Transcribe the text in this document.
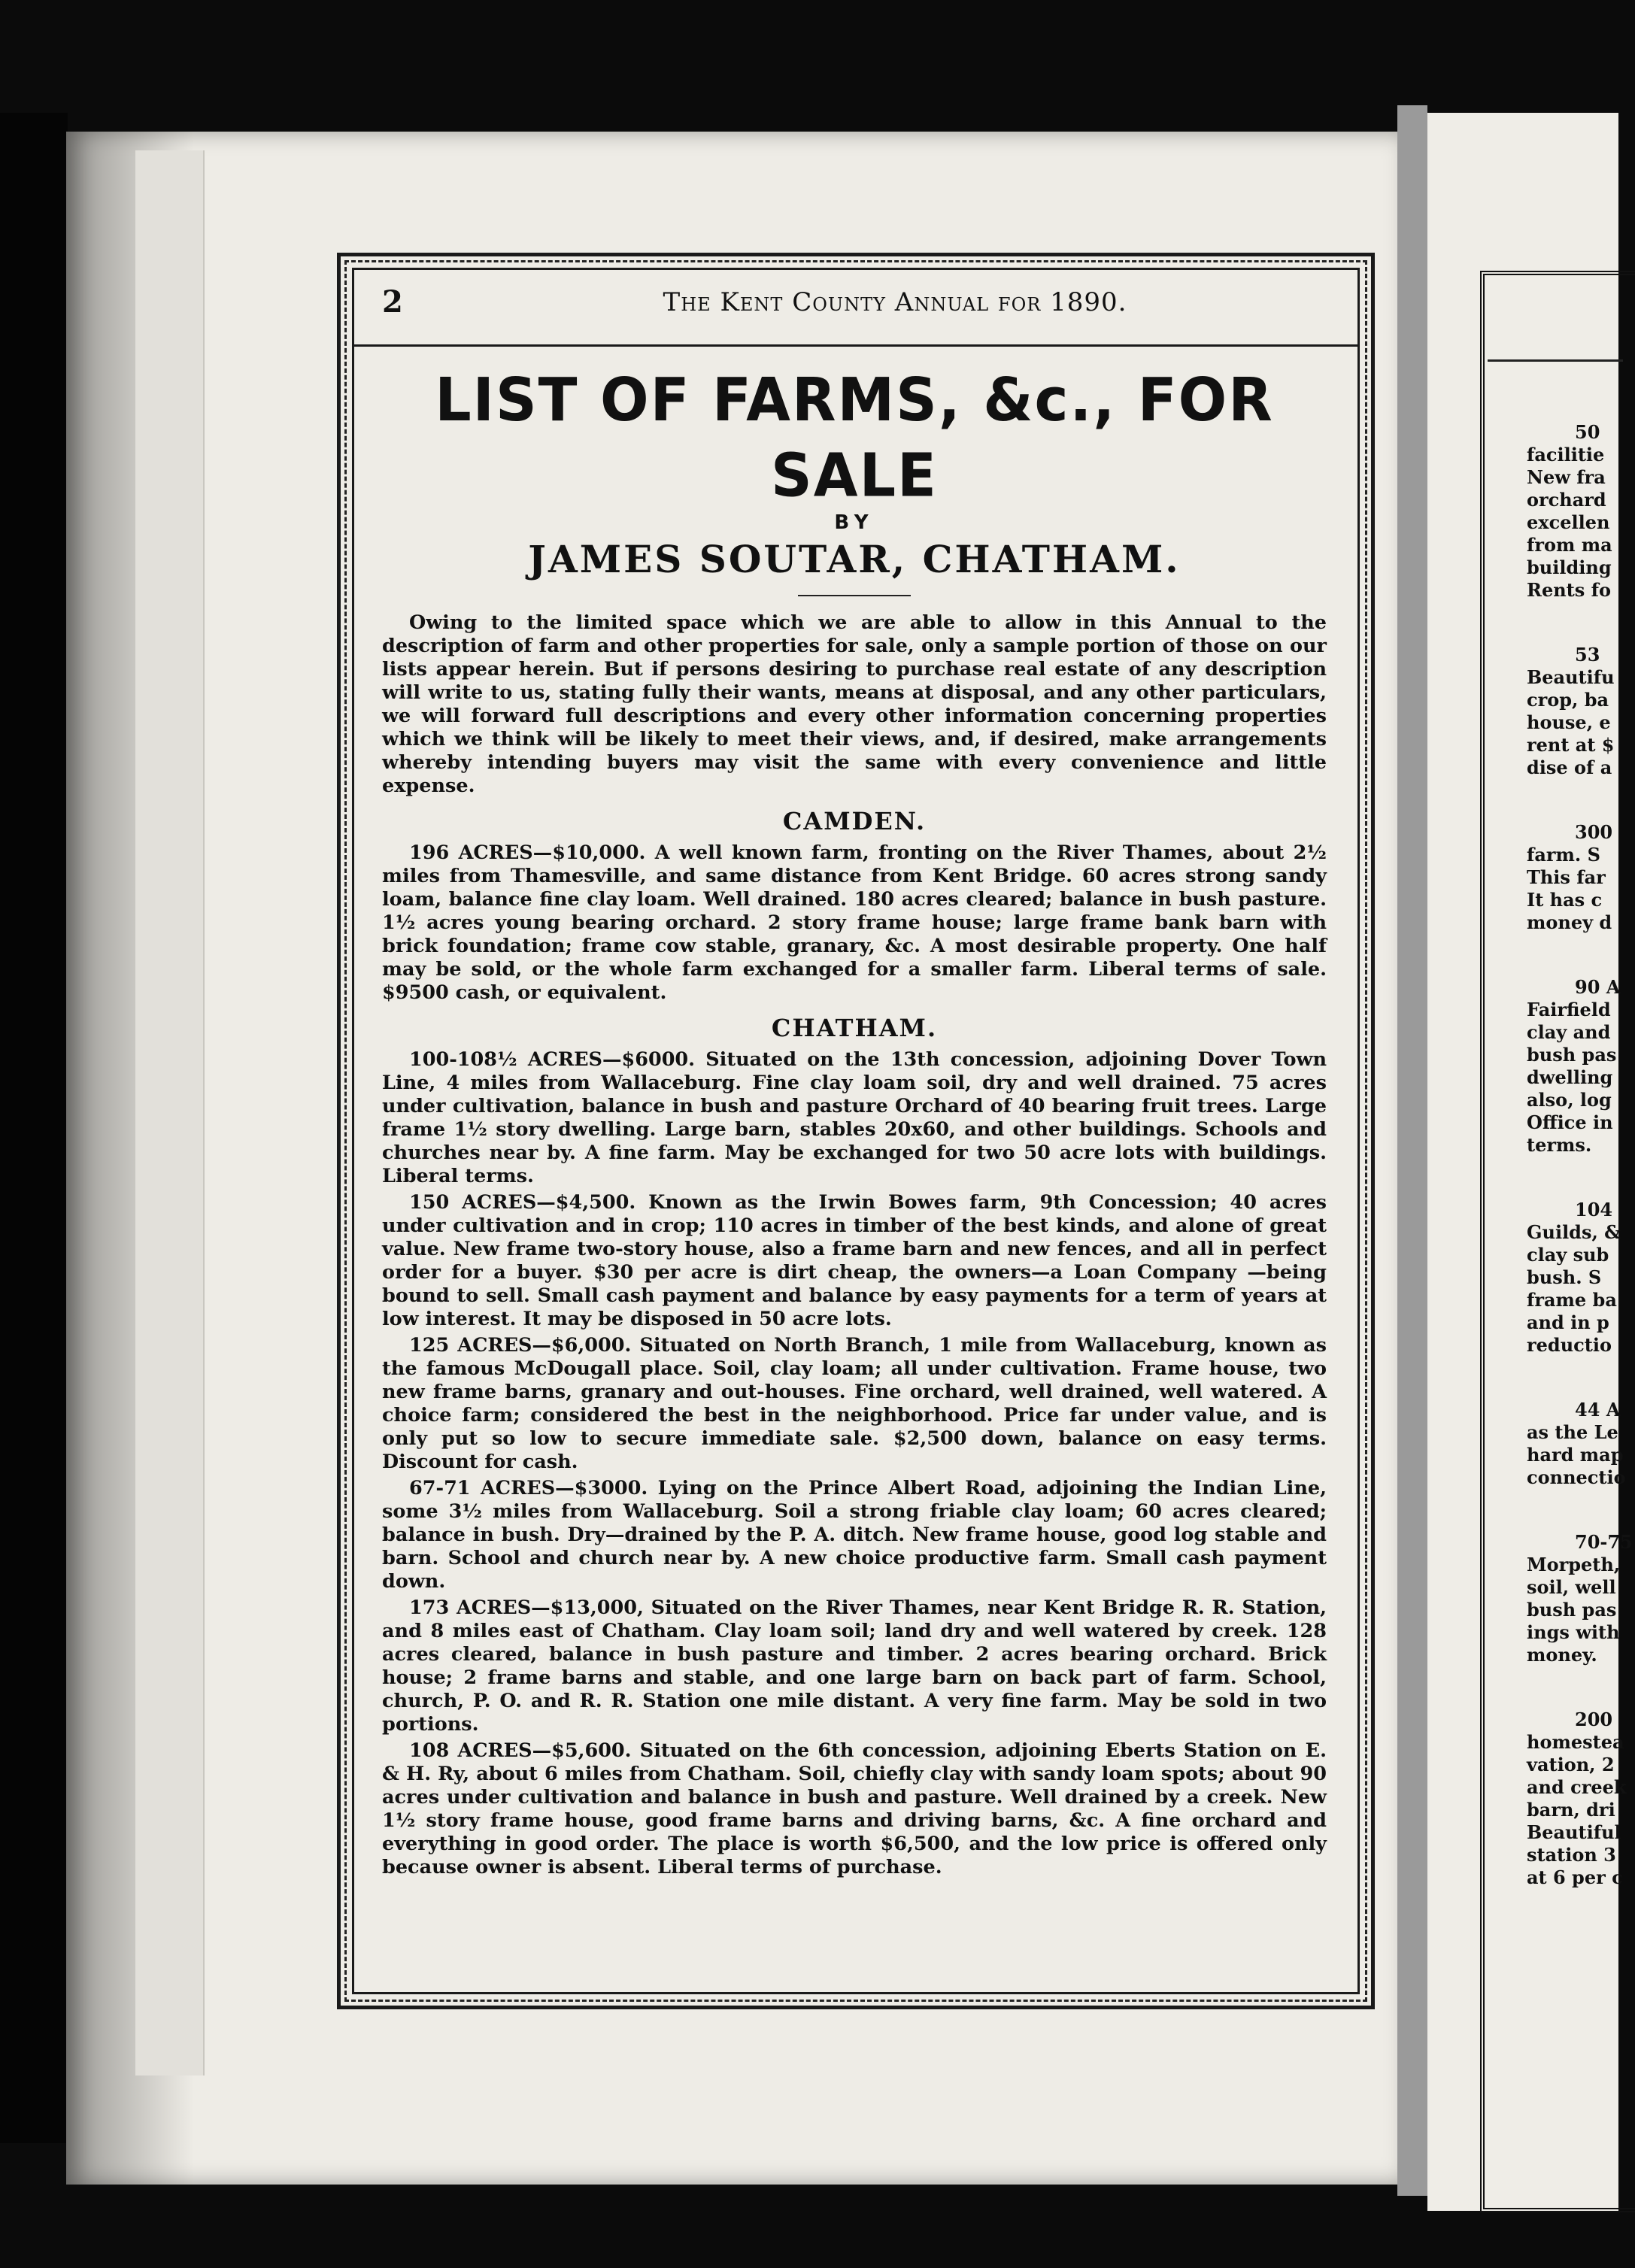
50
facilitie
New fra
orchard
excellen
from ma
building
Rents fo
53
Beautifu
crop, ba
house, e
rent at $
dise of a
300
farm. S
This far
It has c
money d
90 A
Fairfield
clay and
bush pas
dwelling
also, log
Office in
terms.
104
Guilds, &
clay sub
bush. S
frame ba
and in p
reductio
44 A
as the Le
hard map
connectio
70-75
Morpeth,
soil, well
bush pas
ings with
money.
200
homestea
vation, 2
and creek
barn, dri
Beautiful
station 3
at 6 per c
2	The Kent County Annual for 1890.
LIST OF FARMS, &c., FOR SALE
BY
JAMES SOUTAR, CHATHAM.

Owing to the limited space which we are able to allow in this Annual to the description of farm and other properties for sale, only a sample portion of those on our lists appear herein. But if persons desiring to purchase real estate of any description will write to us, stating fully their wants, means at disposal, and any other particulars, we will forward full descriptions and every other information concerning properties which we think will be likely to meet their views, and, if desired, make arrangements whereby intending buyers may visit the same with every convenience and little expense.

CAMDEN.

196 ACRES—$10,000. A well known farm, fronting on the River Thames, about 2½ miles from Thamesville, and same distance from Kent Bridge. 60 acres strong sandy loam, balance fine clay loam. Well drained. 180 acres cleared; balance in bush pasture. 1½ acres young bearing orchard. 2 story frame house; large frame bank barn with brick foundation; frame cow stable, granary, &c. A most desirable property. One half may be sold, or the whole farm exchanged for a smaller farm. Liberal terms of sale. $9500 cash, or equivalent.

CHATHAM.

100-108½ ACRES—$6000. Situated on the 13th concession, adjoining Dover Town Line, 4 miles from Wallaceburg. Fine clay loam soil, dry and well drained. 75 acres under cultivation, balance in bush and pasture Orchard of 40 bearing fruit trees. Large frame 1½ story dwelling. Large barn, stables 20x60, and other buildings. Schools and churches near by. A fine farm. May be exchanged for two 50 acre lots with buildings. Liberal terms.

150 ACRES—$4,500. Known as the Irwin Bowes farm, 9th Concession; 40 acres under cultivation and in crop; 110 acres in timber of the best kinds, and alone of great value. New frame two-story house, also a frame barn and new fences, and all in perfect order for a buyer. $30 per acre is dirt cheap, the owners—a Loan Company —being bound to sell. Small cash payment and balance by easy payments for a term of years at low interest. It may be disposed in 50 acre lots.

125 ACRES—$6,000. Situated on North Branch, 1 mile from Wallaceburg, known as the famous McDougall place. Soil, clay loam; all under cultivation. Frame house, two new frame barns, granary and out-houses. Fine orchard, well drained, well watered. A choice farm; considered the best in the neighborhood. Price far under value, and is only put so low to secure immediate sale. $2,500 down, balance on easy terms. Discount for cash.

67-71 ACRES—$3000. Lying on the Prince Albert Road, adjoining the Indian Line, some 3½ miles from Wallaceburg. Soil a strong friable clay loam; 60 acres cleared; balance in bush. Dry—drained by the P. A. ditch. New frame house, good log stable and barn. School and church near by. A new choice productive farm. Small cash payment down.

173 ACRES—$13,000, Situated on the River Thames, near Kent Bridge R. R. Station, and 8 miles east of Chatham. Clay loam soil; land dry and well watered by creek. 128 acres cleared, balance in bush pasture and timber. 2 acres bearing orchard. Brick house; 2 frame barns and stable, and one large barn on back part of farm. School, church, P. O. and R. R. Station one mile distant. A very fine farm. May be sold in two portions.

108 ACRES—$5,600. Situated on the 6th concession, adjoining Eberts Station on E. & H. Ry, about 6 miles from Chatham. Soil, chiefly clay with sandy loam spots; about 90 acres under cultivation and balance in bush and pasture. Well drained by a creek. New 1½ story frame house, good frame barns and driving barns, &c. A fine orchard and everything in good order. The place is worth $6,500, and the low price is offered only because owner is absent. Liberal terms of purchase.
